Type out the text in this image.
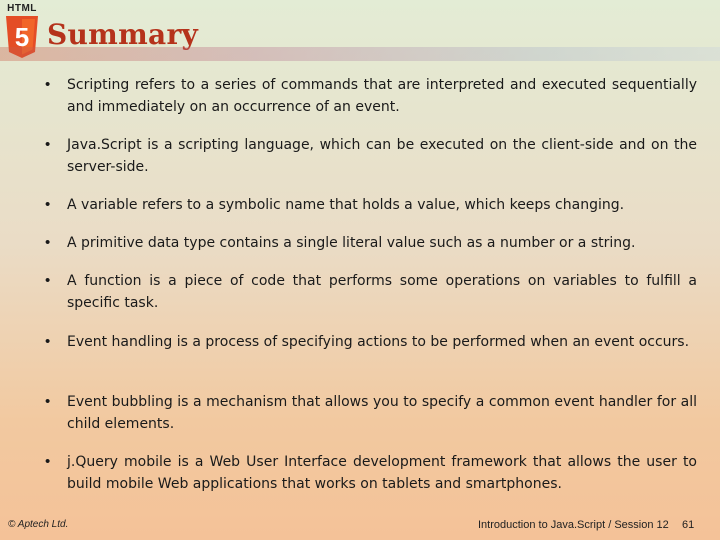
HTML
5 Summary
• Scripting refers to a series of commands that are interpreted and executed sequentially and immediately on an occurrence of an event.
• Java.Script is a scripting language, which can be executed on the client-side and on the server-side.
• A variable refers to a symbolic name that holds a value, which keeps changing.
• A primitive data type contains a single literal value such as a number or a string.
• A function is a piece of code that performs some operations on variables to fulfill a specific task.
• Event handling is a process of specifying actions to be performed when an event occurs.
• Event bubbling is a mechanism that allows you to specify a common event handler for all child elements.
• j.Query mobile is a Web User Interface development framework that allows the user to build mobile Web applications that works on tablets and smartphones.
© Aptech Ltd.	Introduction to Java.Script / Session 12 61
